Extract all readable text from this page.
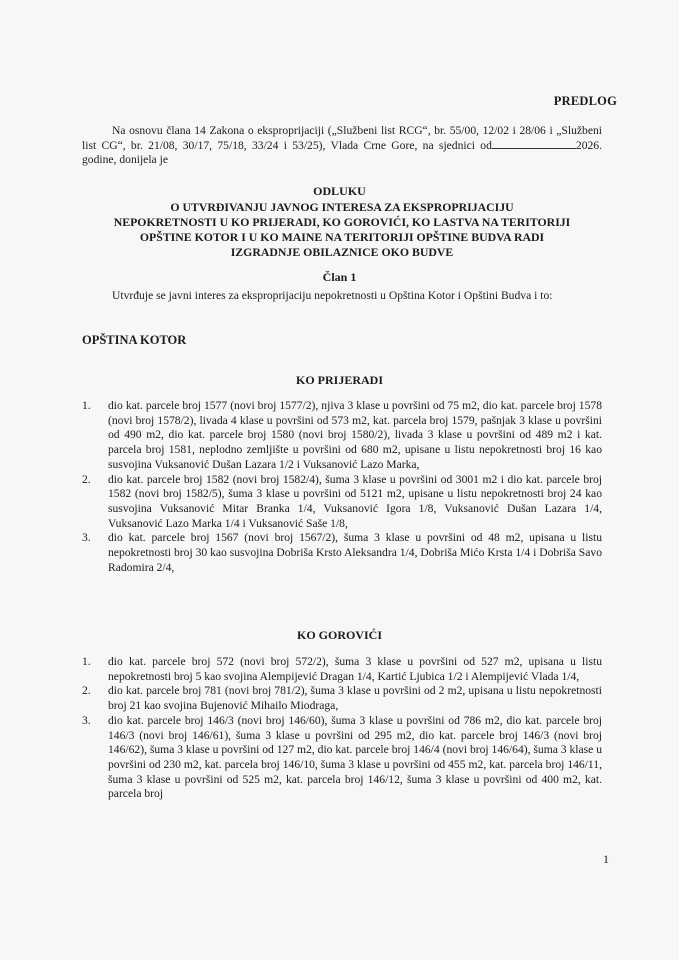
PREDLOG

Na osnovu člana 14 Zakona o eksproprijaciji („Službeni list RCG“, br. 55/00, 12/02 i 28/06 i „Službeni list CG“, br. 21/08, 30/17, 75/18, 33/24 i 53/25), Vlada Crne Gore, na sjednici od	2026. godine, donijela je

ODLUKU
O UTVRĐIVANJU JAVNOG INTERESA ZA EKSPROPRIJACIJU
NEPOKRETNOSTI U KO PRIJERADI, KO GOROVIĆI, KO LASTVA NA TERITORIJI
OPŠTINE KOTOR I U KO MAINE NA TERITORIJI OPŠTINE BUDVA RADI
IZGRADNJE OBILAZNICE OKO BUDVE
Član 1

Utvrđuje se javni interes za eksproprijaciju nepokretnosti u Opština Kotor i Opštini Budva i to:

OPŠTINA KOTOR
KO PRIJERADI
1. dio kat. parcele broj 1577 (novi broj 1577/2), njiva 3 klase u površini od 75 m2, dio kat. parcele broj 1578 (novi broj 1578/2), livada 4 klase u površini od 573 m2, kat. parcela broj 1579, pašnjak 3 klase u površini od 490 m2, dio kat. parcele broj 1580 (novi broj 1580/2), livada 3 klase u površini od 489 m2 i kat. parcela broj 1581, neplodno zemljište u površini od 680 m2, upisane u listu nepokretnosti broj 16 kao susvojina Vuksanović Dušan Lazara 1/2 i Vuksanović Lazo Marka,
2. dio kat. parcele broj 1582 (novi broj 1582/4), šuma 3 klase u površini od 3001 m2 i dio kat. parcele broj 1582 (novi broj 1582/5), šuma 3 klase u površini od 5121 m2, upisane u listu nepokretnosti broj 24 kao susvojina Vuksanović Mitar Branka 1/4, Vuksanović Igora 1/8, Vuksanović Dušan Lazara 1/4, Vuksanović Lazo Marka 1/4 i Vuksanović Saše 1/8,
3. dio kat. parcele broj 1567 (novi broj 1567/2), šuma 3 klase u površini od 48 m2, upisana u listu nepokretnosti broj 30 kao susvojina Dobriša Krsto Aleksandra 1/4, Dobriša Mićo Krsta 1/4 i Dobriša Savo Radomira 2/4,
KO GOROVIĆI
1. dio kat. parcele broj 572 (novi broj 572/2), šuma 3 klase u površini od 527 m2, upisana u listu nepokretnosti broj 5 kao svojina Alempijević Dragan 1/4, Kartić Ljubica 1/2 i Alempijević Vlada 1/4,
2. dio kat. parcele broj 781 (novi broj 781/2), šuma 3 klase u površini od 2 m2, upisana u listu nepokretnosti broj 21 kao svojina Bujenović Mihailo Miodraga,
3. dio kat. parcele broj 146/3 (novi broj 146/60), šuma 3 klase u površini od 786 m2, dio kat. parcele broj 146/3 (novi broj 146/61), šuma 3 klase u površini od 295 m2, dio kat. parcele broj 146/3 (novi broj 146/62), šuma 3 klase u površini od 127 m2, dio kat. parcele broj 146/4 (novi broj 146/64), šuma 3 klase u površini od 230 m2, kat. parcela broj 146/10, šuma 3 klase u površini od 455 m2, kat. parcela broj 146/11, šuma 3 klase u površini od 525 m2, kat. parcela broj 146/12, šuma 3 klase u površini od 400 m2, kat. parcela broj
1
